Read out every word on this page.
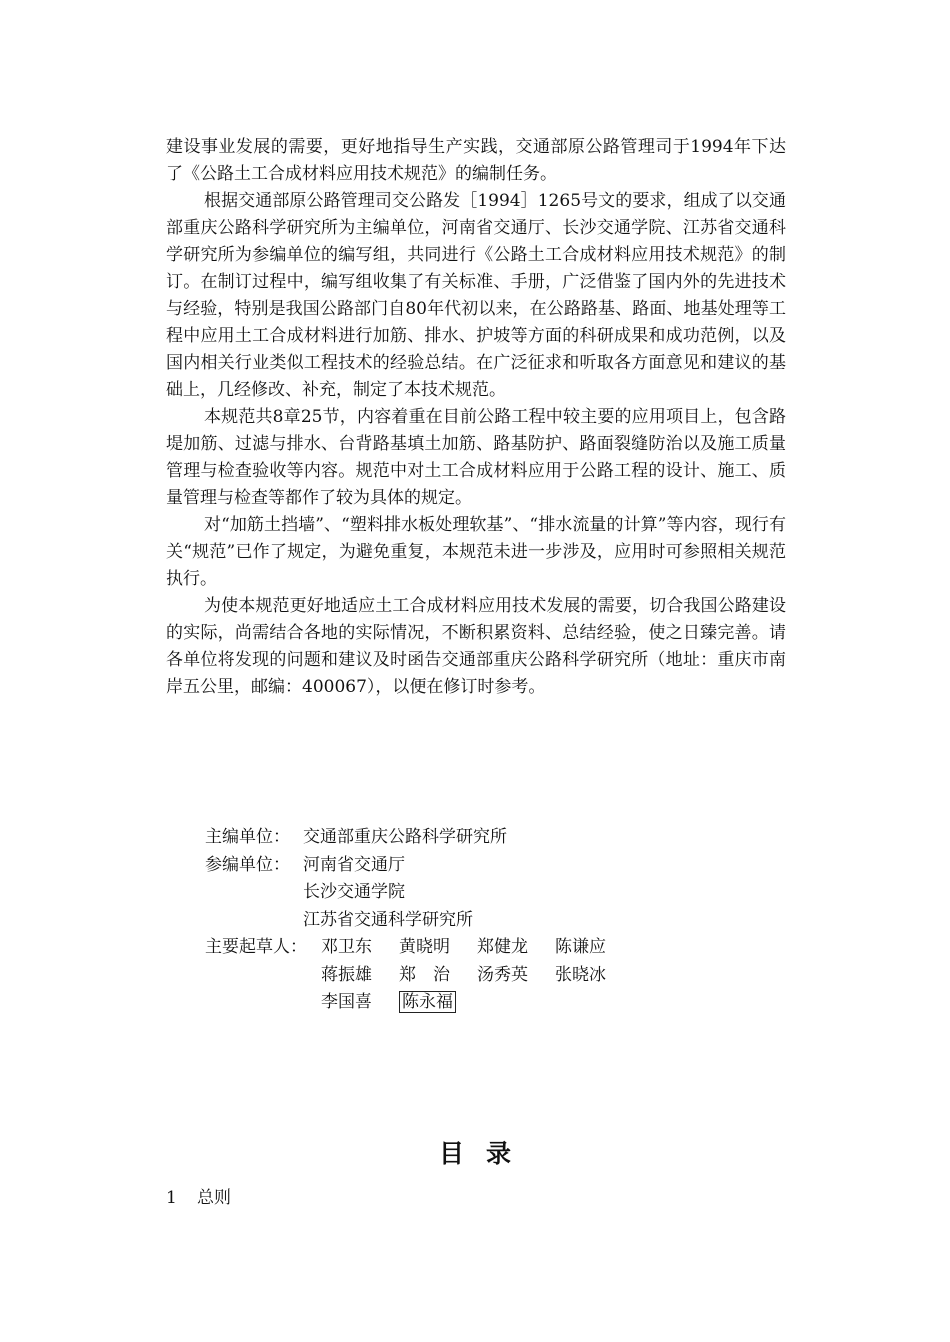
建设事业发展的需要，更好地指导生产实践，交通部原公路管理司于1994年下达了《公路土工合成材料应用技术规范》的编制任务。

根据交通部原公路管理司交公路发［1994］1265号文的要求，组成了以交通部重庆公路科学研究所为主编单位，河南省交通厅、长沙交通学院、江苏省交通科学研究所为参编单位的编写组，共同进行《公路土工合成材料应用技术规范》的制订。在制订过程中，编写组收集了有关标准、手册，广泛借鉴了国内外的先进技术与经验，特别是我国公路部门自80年代初以来，在公路路基、路面、地基处理等工程中应用土工合成材料进行加筋、排水、护坡等方面的科研成果和成功范例，以及国内相关行业类似工程技术的经验总结。在广泛征求和听取各方面意见和建议的基础上，几经修改、补充，制定了本技术规范。

本规范共8章25节，内容着重在目前公路工程中较主要的应用项目上，包含路堤加筋、过滤与排水、台背路基填土加筋、路基防护、路面裂缝防治以及施工质量管理与检查验收等内容。规范中对土工合成材料应用于公路工程的设计、施工、质量管理与检查等都作了较为具体的规定。

对“加筋土挡墙”、“塑料排水板处理软基”、“排水流量的计算”等内容，现行有关“规范”已作了规定，为避免重复，本规范未进一步涉及，应用时可参照相关规范执行。

为使本规范更好地适应土工合成材料应用技术发展的需要，切合我国公路建设的实际，尚需结合各地的实际情况，不断积累资料、总结经验，使之日臻完善。请各单位将发现的问题和建议及时函告交通部重庆公路科学研究所（地址：重庆市南岸五公里，邮编：400067），以便在修订时参考。

主编单位： 交通部重庆公路科学研究所
参编单位： 河南省交通厅
长沙交通学院
江苏省交通科学研究所
主要起草人： 邓卫东	黄晓明	郑健龙	陈谦应
蒋振雄	郑　治	汤秀英	张晓冰
李国喜	陈永福
目录
1 总则
